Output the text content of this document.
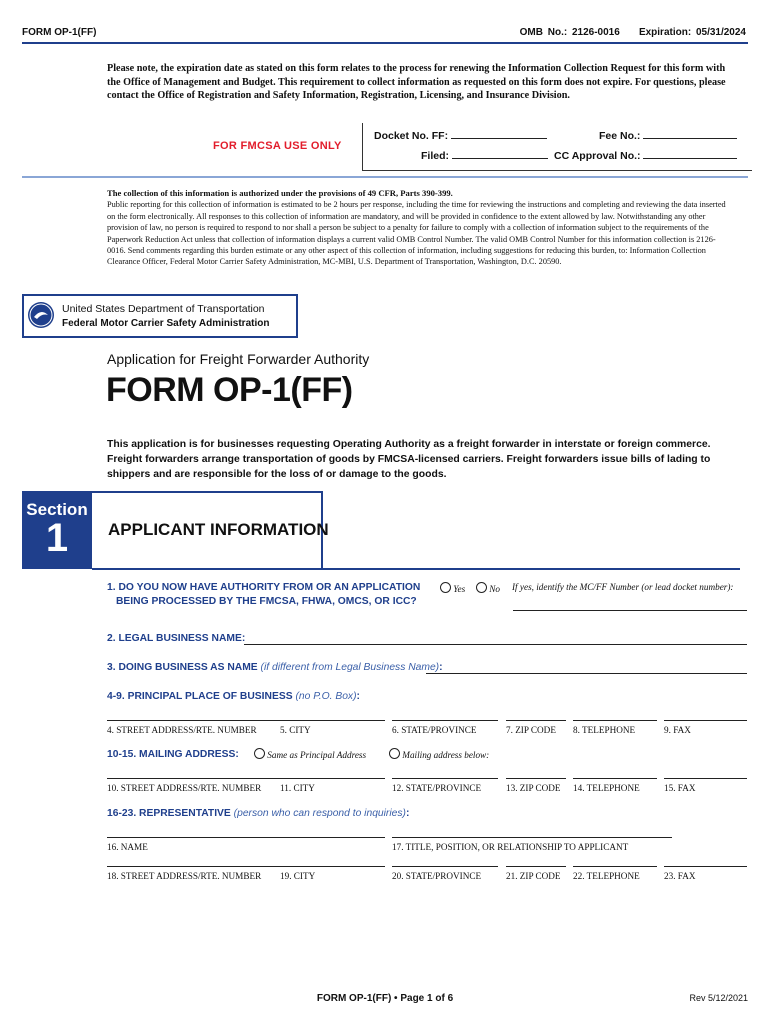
FORM OP-1(FF)	OMB No.: 2126-0016 Expiration: 05/31/2024
Please note, the expiration date as stated on this form relates to the process for renewing the Information Collection Request for this form with the Office of Management and Budget. This requirement to collect information as requested on this form does not expire. For questions, please contact the Office of Registration and Safety Information, Registration, Licensing, and Insurance Division.
FOR FMCSA USE ONLY
Docket No. FF:
Filed:
Fee No.:
CC Approval No.:
The collection of this information is authorized under the provisions of 49 CFR, Parts 390-399.
Public reporting for this collection of information is estimated to be 2 hours per response, including the time for reviewing the instructions and completing and reviewing the data inserted on the form electronically. All responses to this collection of information are mandatory, and will be provided in confidence to the extent allowed by law. Notwithstanding any other provision of law, no person is required to respond to nor shall a person be subject to a penalty for failure to comply with a collection of information subject to the requirements of the Paperwork Reduction Act unless that collection of information displays a current valid OMB Control Number. The valid OMB Control Number for this information collection is 2126-0016. Send comments regarding this burden estimate or any other aspect of this collection of information, including suggestions for reducing this burden, to: Information Collection Clearance Officer, Federal Motor Carrier Safety Administration, MC-MBI, U.S. Department of Transportation, Washington, D.C. 20590.
United States Department of Transportation
Federal Motor Carrier Safety Administration
Application for Freight Forwarder Authority
FORM OP-1(FF)
This application is for businesses requesting Operating Authority as a freight forwarder in interstate or foreign commerce. Freight forwarders arrange transportation of goods by FMCSA-licensed carriers. Freight forwarders issue bills of lading to shippers and are responsible for the loss of or damage to the goods.
Section
1	APPLICANT INFORMATION
1. DO YOU NOW HAVE AUTHORITY FROM OR AN APPLICATION
BEING PROCESSED BY THE FMCSA, FHWA, OMCS, OR ICC?
Yes	No If yes, identify the MC/FF Number (or lead docket number):
2. LEGAL BUSINESS NAME:
3. DOING BUSINESS AS NAME (if different from Legal Business Name):
4-9. PRINCIPAL PLACE OF BUSINESS (no P.O. Box):
4. STREET ADDRESS/RTE. NUMBER	5. CITY	6. STATE/PROVINCE	7. ZIP CODE 8. TELEPHONE	9. FAX
10-15. MAILING ADDRESS:	Same as Principal Address	Mailing address below:
10. STREET ADDRESS/RTE. NUMBER 11. CITY	12. STATE/PROVINCE	13. ZIP CODE 14. TELEPHONE	15. FAX
16-23. REPRESENTATIVE (person who can respond to inquiries):
16. NAME	17. TITLE, POSITION, OR RELATIONSHIP TO APPLICANT
18. STREET ADDRESS/RTE. NUMBER 19. CITY	20. STATE/PROVINCE	21. ZIP CODE 22. TELEPHONE	23. FAX
FORM OP-1(FF) • Page 1 of 6	Rev 5/12/2021
